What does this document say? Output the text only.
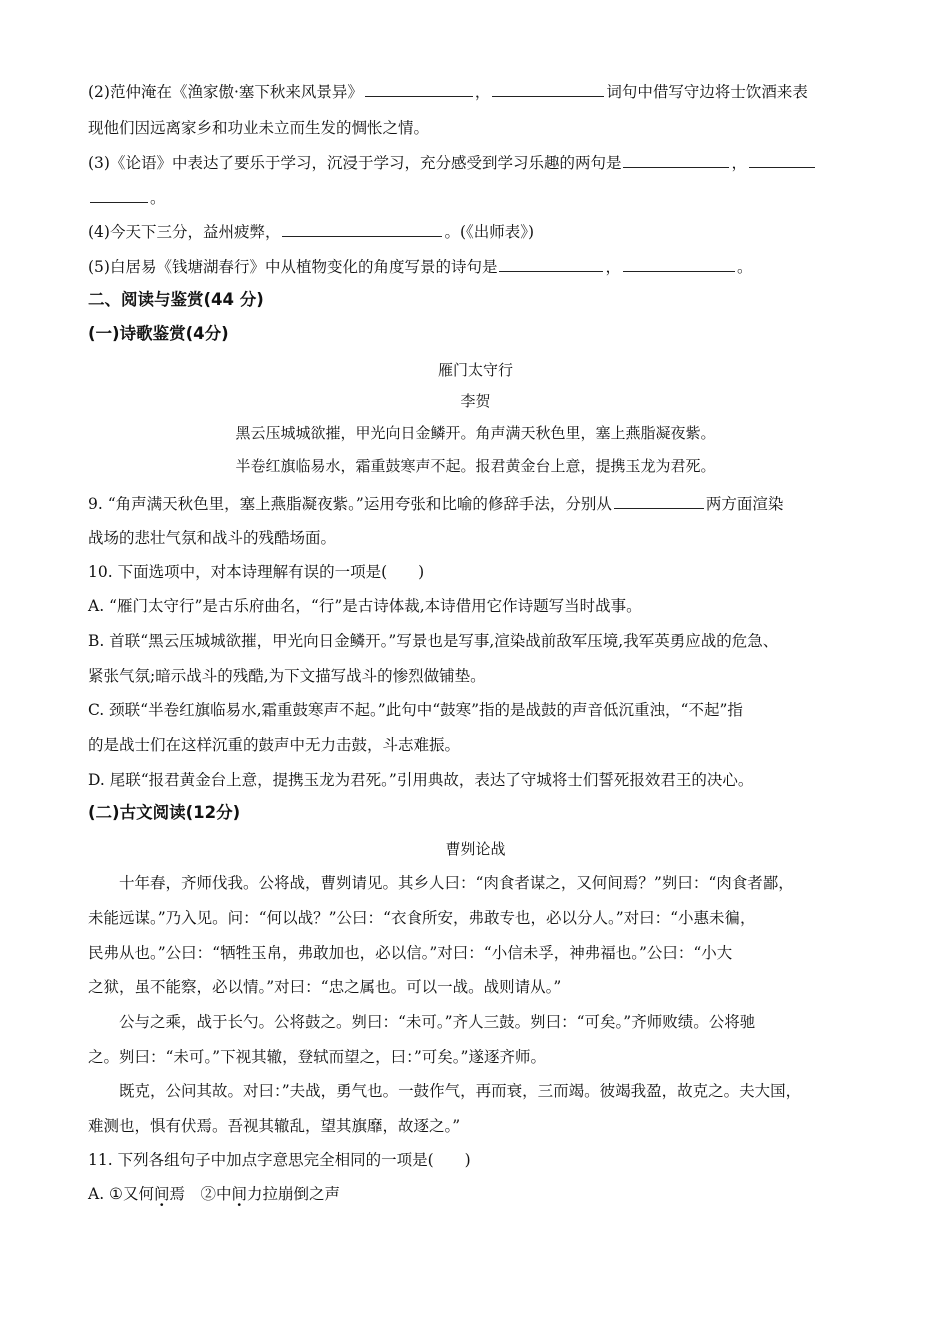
(2)范仲淹在《渔家傲·塞下秋来风景异》	，	词句中借写守边将士饮酒来表
现他们因远离家乡和功业未立而生发的惆怅之情。
(3)《论语》中表达了要乐于学习，沉浸于学习，充分感受到学习乐趣的两句是	，
。
(4)今天下三分，益州疲弊，	。(《出师表》)
(5)白居易《钱塘湖春行》中从植物变化的角度写景的诗句是	，	。
二、阅读与鉴赏(44 分)
(一)诗歌鉴赏(4分)
雁门太守行
李贺
黑云压城城欲摧，甲光向日金鳞开。角声满天秋色里，塞上燕脂凝夜紫。
半卷红旗临易水，霜重鼓寒声不起。报君黄金台上意，提携玉龙为君死。
9. “角声满天秋色里，塞上燕脂凝夜紫。”运用夸张和比喻的修辞手法，分别从	两方面渲染
战场的悲壮气氛和战斗的残酷场面。
10. 下面选项中，对本诗理解有误的一项是(　　)
A. “雁门太守行”是古乐府曲名，“行”是古诗体裁,本诗借用它作诗题写当时战事。
B. 首联“黑云压城城欲摧，甲光向日金鳞开。”写景也是写事,渲染战前敌军压境,我军英勇应战的危急、
紧张气氛;暗示战斗的残酷,为下文描写战斗的惨烈做铺垫。
C. 颈联“半卷红旗临易水,霜重鼓寒声不起。”此句中“鼓寒”指的是战鼓的声音低沉重浊，“不起”指
的是战士们在这样沉重的鼓声中无力击鼓，斗志难振。
D. 尾联“报君黄金台上意，提携玉龙为君死。”引用典故，表达了守城将士们誓死报效君王的决心。
(二)古文阅读(12分)
曹刿论战
十年春，齐师伐我。公将战，曹刿请见。其乡人曰：“肉食者谋之，又何间焉？”刿曰：“肉食者鄙，
未能远谋。”乃入见。问：“何以战？”公曰：“衣食所安，弗敢专也，必以分人。”对曰：“小惠未徧，
民弗从也。”公曰：“牺牲玉帛，弗敢加也，必以信。”对曰：“小信未孚，神弗福也。”公曰：“小大
之狱，虽不能察，必以情。”对曰：“忠之属也。可以一战。战则请从。”
公与之乘，战于长勺。公将鼓之。刿曰：“未可。”齐人三鼓。刿曰：“可矣。”齐师败绩。公将驰
之。刿曰：“未可。”下视其辙，登轼而望之，曰：”可矣。”遂逐齐师。
既克，公问其故。对曰：”夫战，勇气也。一鼓作气，再而衰，三而竭。彼竭我盈，故克之。夫大国，
难测也，惧有伏焉。吾视其辙乱，望其旗靡，故逐之。”
11. 下列各组句子中加点字意思完全相同的一项是(　　)
A. ①又何间焉　②中间力拉崩倒之声
